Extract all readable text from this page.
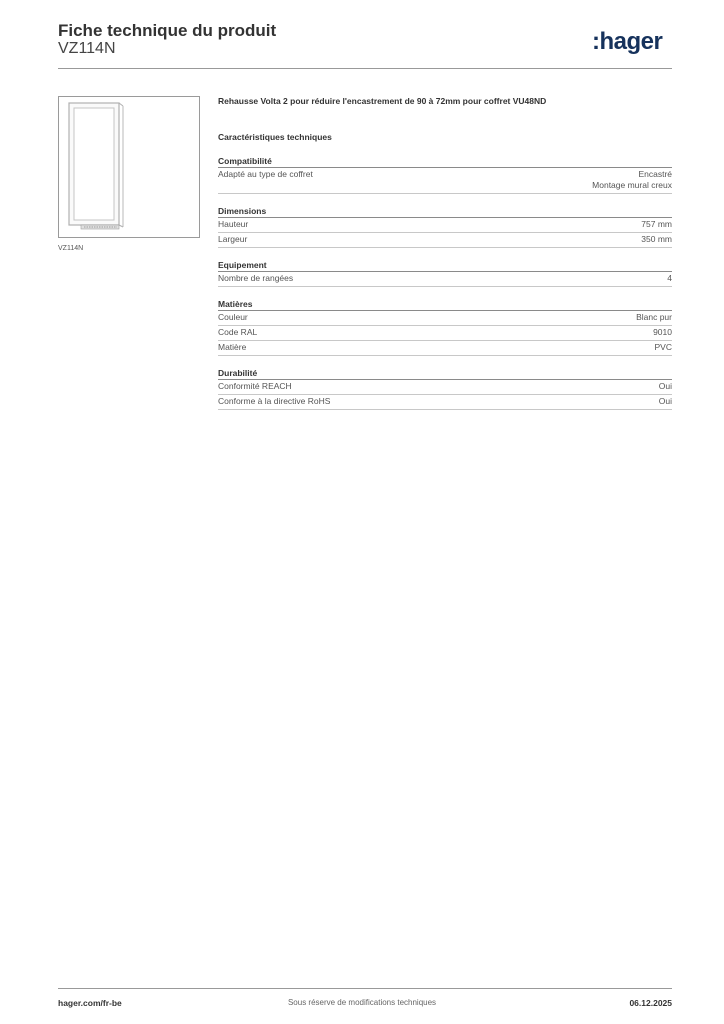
Fiche technique du produit
VZ114N	:hager
VZ114N

Rehausse Volta 2 pour réduire l'encastrement de 90 à 72mm pour coffret VU48ND

Caractéristiques techniques
Compatibilité
Adapté au type de coffret	Encastré
Montage mural creux
Dimensions
Hauteur	757 mm
Largeur	350 mm
Equipement
Nombre de rangées	4
Matières
Couleur	Blanc pur
Code RAL	9010
Matière	PVC
Durabilité
Conformité REACH	Oui
Conforme à la directive RoHS	Oui
hager.com/fr-be	Sous réserve de modifications techniques	06.12.2025
